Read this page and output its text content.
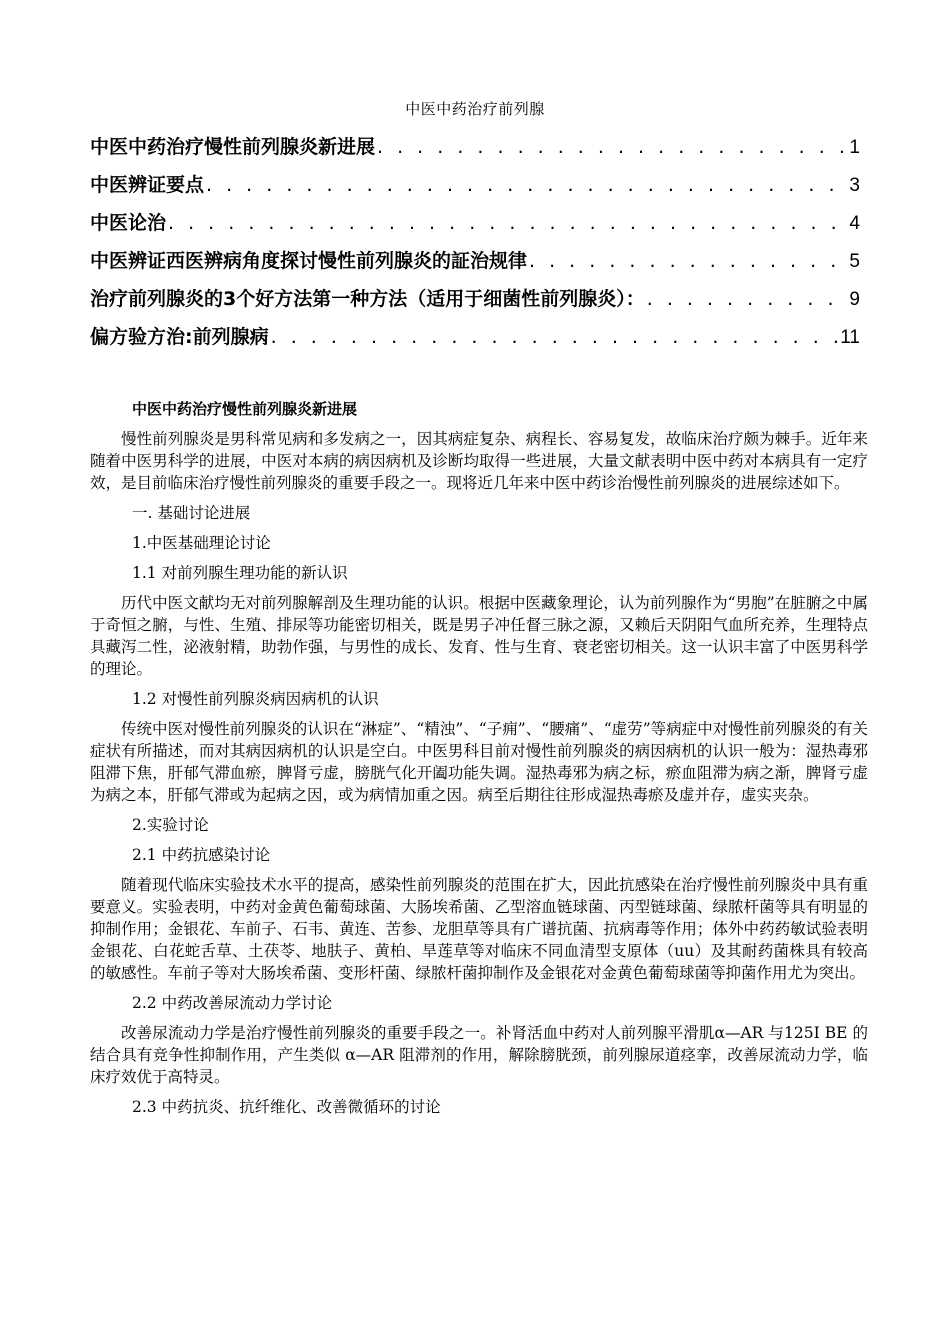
中医中药治疗前列腺
中医中药治疗慢性前列腺炎新进展 . . .	1
中医辨证要点 . . .	3
中医论治 . . .	4
中医辨证西医辨病角度探讨慢性前列腺炎的証治规律 . . .	5
治疗前列腺炎的3个好方法第一种方法（适用于细菌性前列腺炎）： . . .	9
偏方验方治:前列腺病 . . .	11
中医中药治疗慢性前列腺炎新进展

慢性前列腺炎是男科常见病和多发病之一，因其病症复杂、病程长、容易复发，故临床治疗颇为棘手。近年来随着中医男科学的进展，中医对本病的病因病机及诊断均取得一些进展，大量文献表明中医中药对本病具有一定疗效，是目前临床治疗慢性前列腺炎的重要手段之一。现将近几年来中医中药诊治慢性前列腺炎的进展综述如下。

一. 基础讨论进展
1.中医基础理论讨论
1.1 对前列腺生理功能的新认识

历代中医文献均无对前列腺解剖及生理功能的认识。根据中医藏象理论，认为前列腺作为“男胞”在脏腑之中属于奇恒之腑，与性、生殖、排尿等功能密切相关，既是男子冲任督三脉之源，又赖后天阴阳气血所充养，生理特点具藏泻二性，泌液射精，助勃作强，与男性的成长、发育、性与生育、衰老密切相关。这一认识丰富了中医男科学的理论。

1.2 对慢性前列腺炎病因病机的认识

传统中医对慢性前列腺炎的认识在“淋症”、“精浊”、“子痈”、“腰痛”、“虚劳”等病症中对慢性前列腺炎的有关症状有所描述，而对其病因病机的认识是空白。中医男科目前对慢性前列腺炎的病因病机的认识一般为：湿热毒邪阻滞下焦，肝郁气滞血瘀，脾肾亏虚，膀胱气化开阖功能失调。湿热毒邪为病之标，瘀血阻滞为病之渐，脾肾亏虚为病之本，肝郁气滞或为起病之因，或为病情加重之因。病至后期往往形成湿热毒瘀及虚并存，虚实夹杂。

2.实验讨论
2.1 中药抗感染讨论

随着现代临床实验技术水平的提高，感染性前列腺炎的范围在扩大，因此抗感染在治疗慢性前列腺炎中具有重要意义。实验表明，中药对金黄色葡萄球菌、大肠埃希菌、乙型溶血链球菌、丙型链球菌、绿脓杆菌等具有明显的抑制作用；金银花、车前子、石韦、黄连、苦参、龙胆草等具有广谱抗菌、抗病毒等作用；体外中药药敏试验表明金银花、白花蛇舌草、土茯苓、地肤子、黄柏、旱莲草等对临床不同血清型支原体（uu）及其耐药菌株具有较高的敏感性。车前子等对大肠埃希菌、变形杆菌、绿脓杆菌抑制作及金银花对金黄色葡萄球菌等抑菌作用尤为突出。

2.2 中药改善尿流动力学讨论

改善尿流动力学是治疗慢性前列腺炎的重要手段之一。补肾活血中药对人前列腺平滑肌α—AR 与125I BE 的结合具有竞争性抑制作用，产生类似 α—AR 阻滞剂的作用，解除膀胱颈，前列腺尿道痉挛，改善尿流动力学，临床疗效优于高特灵。

2.3 中药抗炎、抗纤维化、改善微循环的讨论
